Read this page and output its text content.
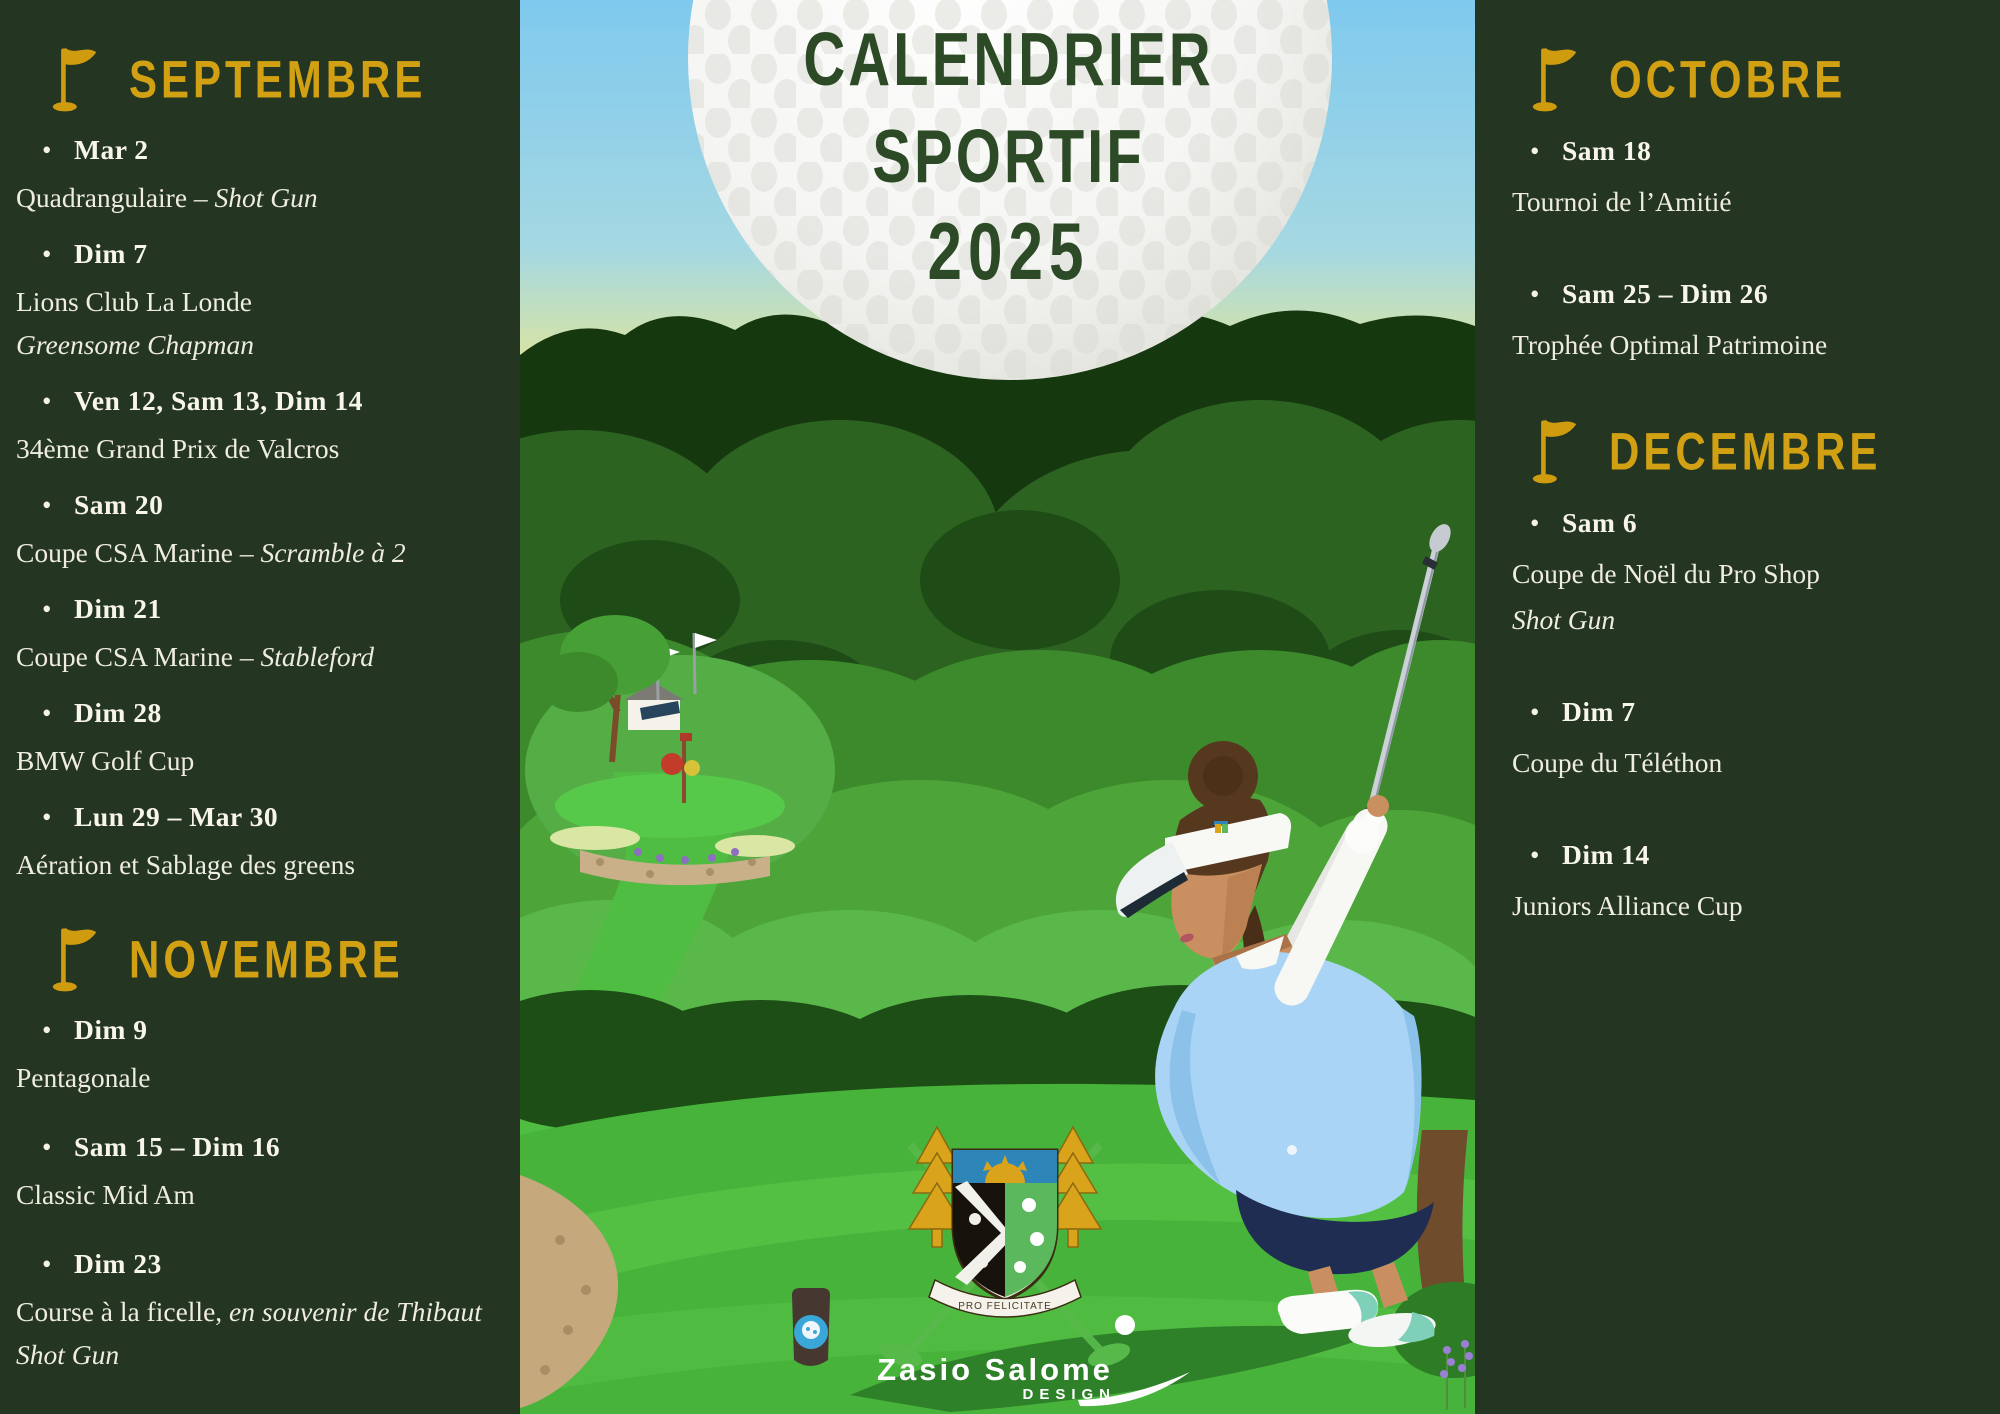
SEPTEMBRE
• Mar 2
Quadrangulaire – Shot Gun
• Dim 7
Lions Club La Londe
Greensome Chapman
• Ven 12, Sam 13, Dim 14
34ème Grand Prix de Valcros
• Sam 20
Coupe CSA Marine – Scramble à 2
• Dim 21
Coupe CSA Marine – Stableford
• Dim 28
BMW Golf Cup
• Lun 29 – Mar 30
Aération et Sablage des greens
NOVEMBRE
• Dim 9
Pentagonale
• Sam 15 – Dim 16
Classic Mid Am
• Dim 23
Course à la ficelle, en souvenir de Thibaut
Shot Gun
PRO FELICITATE
CALENDRIER
SPORTIF
2025
Zasio Salome
DESIGN
OCTOBRE
• Sam 18
Tournoi de l’Amitié
• Sam 25 – Dim 26
Trophée Optimal Patrimoine
DECEMBRE
• Sam 6
Coupe de Noël du Pro Shop
Shot Gun
• Dim 7
Coupe du Téléthon
• Dim 14
Juniors Alliance Cup
